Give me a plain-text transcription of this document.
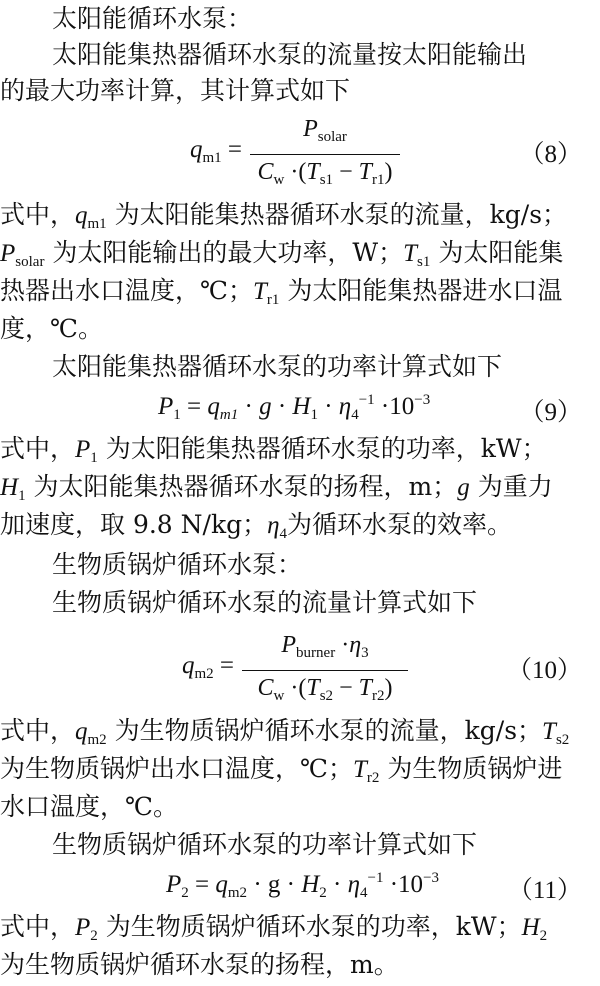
太阳能循环水泵：
太阳能集热器循环水泵的流量按太阳能输出
的最大功率计算，其计算式如下
$q_{m1}$ =
$P_{solar}$
$C_w \cdot(T_{s1} - T_{r1})$
（8）
式中，$q_{m1}$ 为太阳能集热器循环水泵的流量，kg/s；
$P_{solar}$ 为太阳能输出的最大功率，W；$T_{s1}$ 为太阳能集
热器出水口温度，℃；$T_{r1}$ 为太阳能集热器进水口温
度，℃。
太阳能集热器循环水泵的功率计算式如下
$P_1 = q_{m1} \cdot g \cdot H_1 \cdot \eta_4^{-1} \cdot 10^{-3}$	（9）
式中，$P_1$ 为太阳能集热器循环水泵的功率，kW；
$H_1$ 为太阳能集热器循环水泵的扬程，m；g 为重力
加速度，取 9.8 N/kg；$\eta_4$为循环水泵的效率。
生物质锅炉循环水泵：
生物质锅炉循环水泵的流量计算式如下
$q_{m2}$ =
$P_{burner} \cdot\eta_3$
$C_w \cdot(T_{s2} - T_{r2})$
（10）
式中，$q_{m2}$ 为生物质锅炉循环水泵的流量，kg/s；$T_{s2}$
为生物质锅炉出水口温度，℃；$T_{r2}$ 为生物质锅炉进
水口温度，℃。
生物质锅炉循环水泵的功率计算式如下
$P_2 = q_{m2} \cdot g \cdot H_2 \cdot \eta_4^{-1} \cdot 10^{-3}$	（11）
式中，$P_2$ 为生物质锅炉循环水泵的功率，kW；$H_2$
为生物质锅炉循环水泵的扬程，m。
